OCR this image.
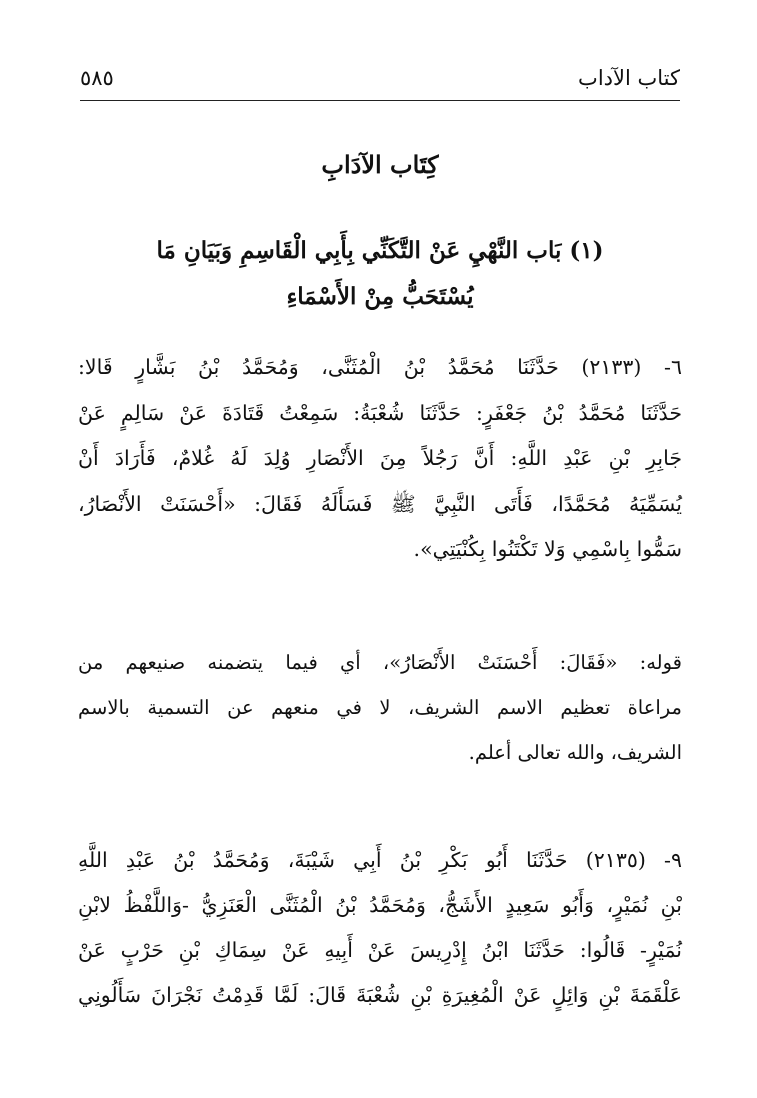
كتاب الآداب
٥٨٥
كِتَاب الآدَابِ
(١) بَاب النَّهْيِ عَنْ التَّكَنِّي بِأَبِي الْقَاسِمِ وَبَيَانِ مَا
يُسْتَحَبُّ مِنْ الأَسْمَاءِ
٦- (٢١٣٣) حَدَّثَنَا مُحَمَّدُ بْنُ الْمُثَنَّى، وَمُحَمَّدُ بْنُ بَشَّارٍ قَالا:
حَدَّثَنَا مُحَمَّدُ بْنُ جَعْفَرٍ: حَدَّثَنَا شُعْبَةُ: سَمِعْتُ قَتَادَةَ عَنْ سَالِمٍ عَنْ
جَابِرِ بْنِ عَبْدِ اللَّهِ: أَنَّ رَجُلاً مِنَ الأَنْصَارِ وُلِدَ لَهُ غُلامٌ، فَأَرَادَ أَنْ
يُسَمِّيَهُ مُحَمَّدًا، فَأَتَى النَّبِيَّ ﷺ فَسَأَلَهُ فَقَالَ: «أَحْسَنَتْ الأَنْصَارُ،
سَمُّوا بِاسْمِي وَلا تَكْتَنُوا بِكُنْيَتِي».
قوله: «فَقَالَ: أَحْسَنَتْ الأَنْصَارُ»، أي فيما يتضمنه صنيعهم من
مراعاة تعظيم الاسم الشريف، لا في منعهم عن التسمية بالاسم
الشريف، والله تعالى أعلم.
٩- (٢١٣٥) حَدَّثَنَا أَبُو بَكْرِ بْنُ أَبِي شَيْبَةَ، وَمُحَمَّدُ بْنُ عَبْدِ اللَّهِ
بْنِ نُمَيْرٍ، وَأَبُو سَعِيدٍ الأَشَجُّ، وَمُحَمَّدُ بْنُ الْمُثَنَّى الْعَنَزِيُّ -وَاللَّفْظُ لابْنِ
نُمَيْرٍ- قَالُوا: حَدَّثَنَا ابْنُ إِدْرِيسَ عَنْ أَبِيهِ عَنْ سِمَاكِ بْنِ حَرْبٍ عَنْ
عَلْقَمَةَ بْنِ وَائِلٍ عَنْ الْمُغِيرَةِ بْنِ شُعْبَةَ قَالَ: لَمَّا قَدِمْتُ نَجْرَانَ سَأَلُونِي
